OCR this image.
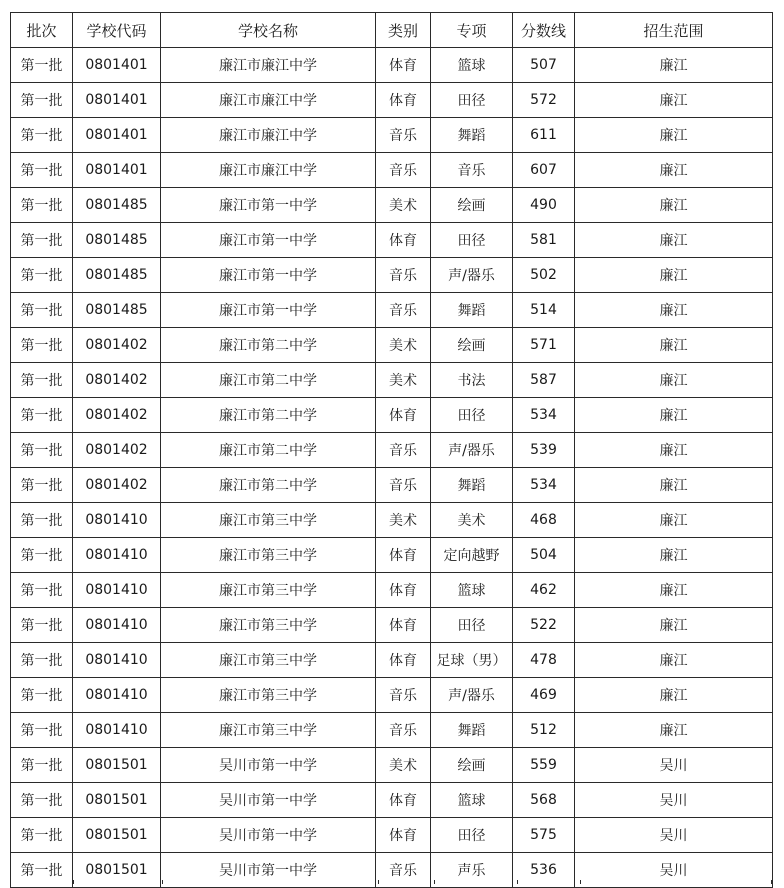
批次	学校代码	学校名称	类别	专项	分数线	招生范围
第一批	0801401	廉江市廉江中学	体育	篮球	507	廉江
第一批	0801401	廉江市廉江中学	体育	田径	572	廉江
第一批	0801401	廉江市廉江中学	音乐	舞蹈	611	廉江
第一批	0801401	廉江市廉江中学	音乐	音乐	607	廉江
第一批	0801485	廉江市第一中学	美术	绘画	490	廉江
第一批	0801485	廉江市第一中学	体育	田径	581	廉江
第一批	0801485	廉江市第一中学	音乐	声/器乐	502	廉江
第一批	0801485	廉江市第一中学	音乐	舞蹈	514	廉江
第一批	0801402	廉江市第二中学	美术	绘画	571	廉江
第一批	0801402	廉江市第二中学	美术	书法	587	廉江
第一批	0801402	廉江市第二中学	体育	田径	534	廉江
第一批	0801402	廉江市第二中学	音乐	声/器乐	539	廉江
第一批	0801402	廉江市第二中学	音乐	舞蹈	534	廉江
第一批	0801410	廉江市第三中学	美术	美术	468	廉江
第一批	0801410	廉江市第三中学	体育	定向越野	504	廉江
第一批	0801410	廉江市第三中学	体育	篮球	462	廉江
第一批	0801410	廉江市第三中学	体育	田径	522	廉江
第一批	0801410	廉江市第三中学	体育	足球（男）	478	廉江
第一批	0801410	廉江市第三中学	音乐	声/器乐	469	廉江
第一批	0801410	廉江市第三中学	音乐	舞蹈	512	廉江
第一批	0801501	吴川市第一中学	美术	绘画	559	吴川
第一批	0801501	吴川市第一中学	体育	篮球	568	吴川
第一批	0801501	吴川市第一中学	体育	田径	575	吴川
第一批	0801501	吴川市第一中学	音乐	声乐	536	吴川
